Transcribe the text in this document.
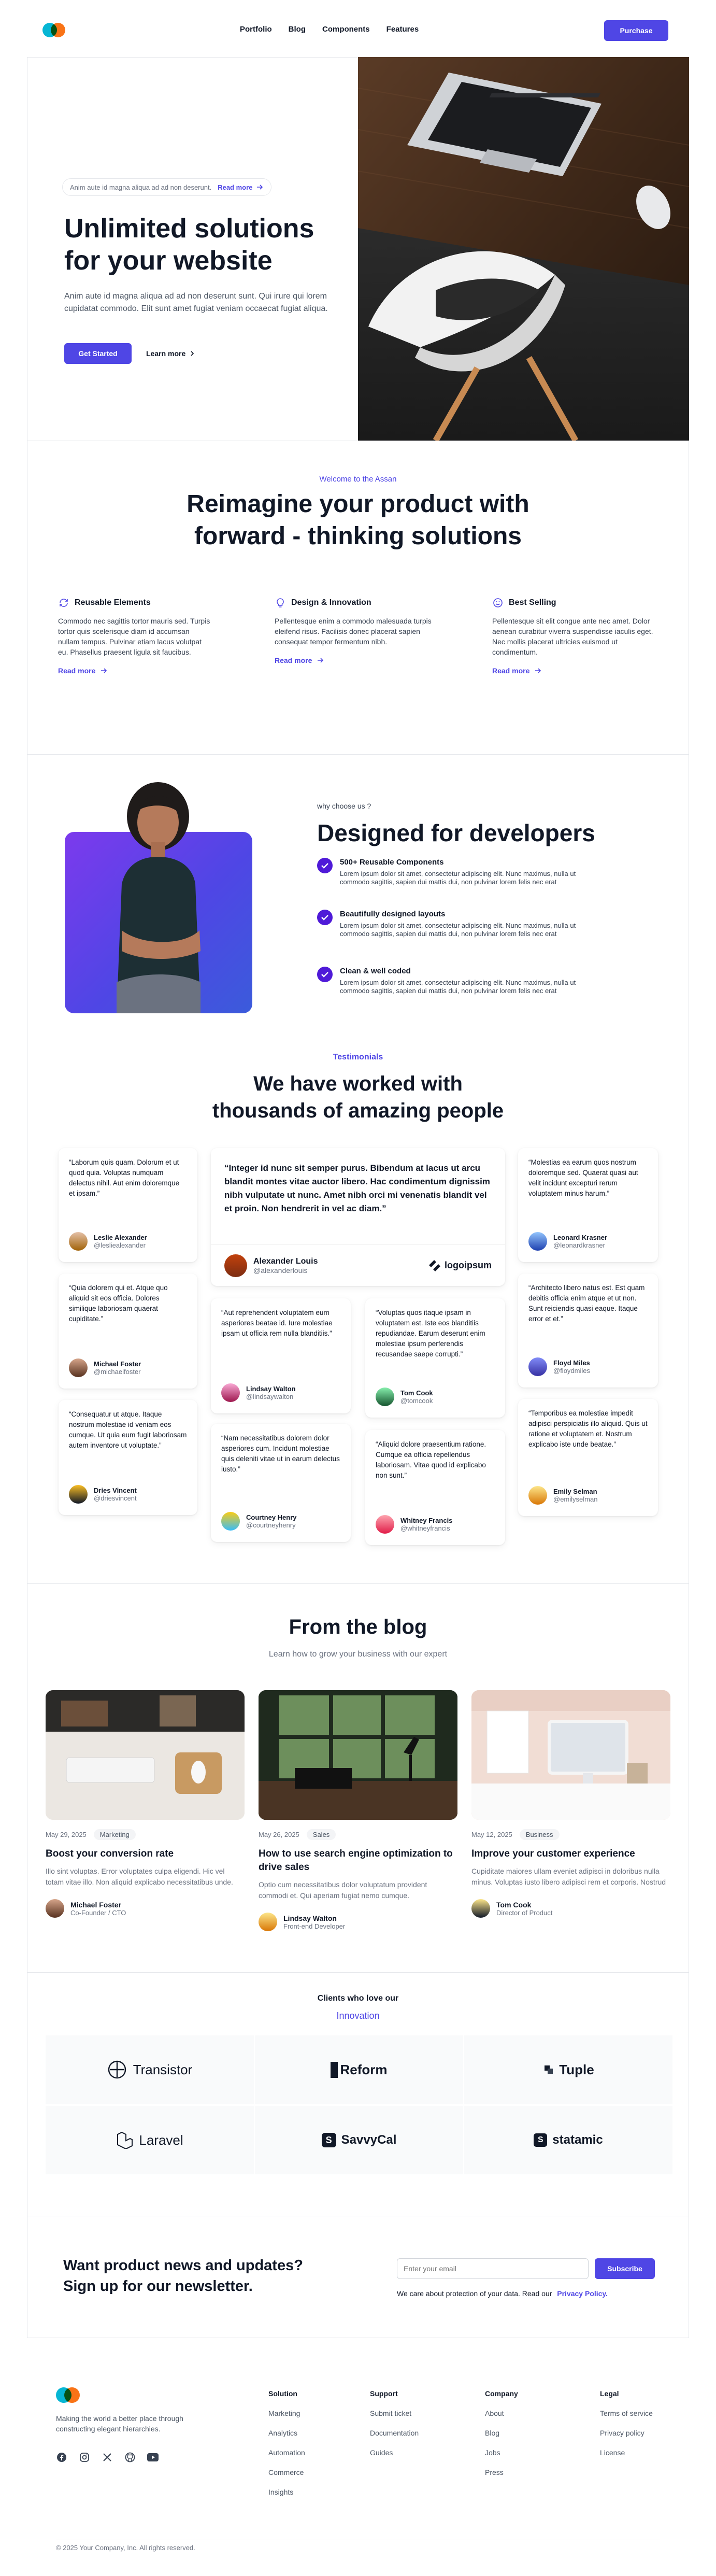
Portfolio Blog Components Features	Purchase
Anim aute id magna aliqua ad ad non deserunt. Read more
Unlimited solutions
for your website
Anim aute id magna aliqua ad ad non deserunt sunt. Qui irure qui lorem cupidatat commodo. Elit sunt amet fugiat veniam occaecat fugiat aliqua.
Get Started	Learn more
Welcome to the Assan
Reimagine your product with
forward - thinking solutions
Reusable Elements
Commodo nec sagittis tortor mauris sed. Turpis tortor quis scelerisque diam id accumsan nullam tempus. Pulvinar etiam lacus volutpat eu. Phasellus praesent ligula sit faucibus.
Read more
Design & Innovation
Pellentesque enim a commodo malesuada turpis eleifend risus. Facilisis donec placerat sapien consequat tempor fermentum nibh.
Read more
Best Selling
Pellentesque sit elit congue ante nec amet. Dolor aenean curabitur viverra suspendisse iaculis eget. Nec mollis placerat ultricies euismod ut condimentum.
Read more
why choose us ?
Designed for developers
500+ Reusable Components
Lorem ipsum dolor sit amet, consectetur adipiscing elit. Nunc maximus, nulla ut commodo sagittis, sapien dui mattis dui, non pulvinar lorem felis nec erat
Beautifully designed layouts
Lorem ipsum dolor sit amet, consectetur adipiscing elit. Nunc maximus, nulla ut commodo sagittis, sapien dui mattis dui, non pulvinar lorem felis nec erat
Clean & well coded
Lorem ipsum dolor sit amet, consectetur adipiscing elit. Nunc maximus, nulla ut commodo sagittis, sapien dui mattis dui, non pulvinar lorem felis nec erat
Testimonials
We have worked with
thousands of amazing people
“Integer id nunc sit semper purus. Bibendum at lacus ut arcu blandit montes vitae auctor libero. Hac condimentum dignissim nibh vulputate ut nunc. Amet nibh orci mi venenatis blandit vel et proin. Non hendrerit in vel ac diam.”
Alexander Louis
@alexanderlouis	logoipsum
“Laborum quis quam. Dolorum et ut quod quia. Voluptas numquam delectus nihil. Aut enim doloremque et ipsam.”
Leslie Alexander
@lesliealexander
“Quia dolorem qui et. Atque quo aliquid sit eos officia. Dolores similique laboriosam quaerat cupiditate.”
Michael Foster
@michaelfoster
“Consequatur ut atque. Itaque nostrum molestiae id veniam eos cumque. Ut quia eum fugit laboriosam autem inventore ut voluptate.”
Dries Vincent
@driesvincent
“Aut reprehenderit voluptatem eum asperiores beatae id. Iure molestiae ipsam ut officia rem nulla blanditiis.”
Lindsay Walton
@lindsaywalton
“Nam necessitatibus dolorem dolor asperiores cum. Incidunt molestiae quis deleniti vitae ut in earum delectus iusto.”
Courtney Henry
@courtneyhenry
“Voluptas quos itaque ipsam in voluptatem est. Iste eos blanditiis repudiandae. Earum deserunt enim molestiae ipsum perferendis recusandae saepe corrupti.”
Tom Cook
@tomcook
“Aliquid dolore praesentium ratione. Cumque ea officia repellendus laboriosam. Vitae quod id explicabo non sunt.”
Whitney Francis
@whitneyfrancis
“Molestias ea earum quos nostrum doloremque sed. Quaerat quasi aut velit incidunt excepturi rerum voluptatem minus harum.”
Leonard Krasner
@leonardkrasner
“Architecto libero natus est. Est quam debitis officia enim atque et ut non. Sunt reiciendis quasi eaque. Itaque error et et.”
Floyd Miles
@floydmiles
“Temporibus ea molestiae impedit adipisci perspiciatis illo aliquid. Quis ut ratione et voluptatem et. Nostrum explicabo iste unde beatae.”
Emily Selman
@emilyselman
From the blog
Learn how to grow your business with our expert
May 29, 2025	Marketing
Boost your conversion rate
Illo sint voluptas. Error voluptates culpa eligendi. Hic vel totam vitae illo. Non aliquid explicabo necessitatibus unde.
Michael Foster
Co-Founder / CTO
May 26, 2025	Sales
How to use search engine optimization to drive sales
Optio cum necessitatibus dolor voluptatum provident commodi et. Qui aperiam fugiat nemo cumque.
Lindsay Walton
Front-end Developer
May 12, 2025	Business
Improve your customer experience
Cupiditate maiores ullam eveniet adipisci in doloribus nulla minus. Voluptas iusto libero adipisci rem et corporis. Nostrud
Tom Cook
Director of Product
Clients who love our
Innovation
Transistor	Reform	Tuple
Laravel	S SavvyCal	S statamic
Want product news and updates?
Sign up for our newsletter.
Enter your email
Subscribe
We care about protection of your data. Read our Privacy Policy.
Making the world a better place through constructing elegant hierarchies.
Solution
Marketing
Analytics
Automation
Commerce
Insights
Support
Submit ticket
Documentation
Guides
Company
About
Blog
Jobs
Press
Legal
Terms of service
Privacy policy
License
© 2025 Your Company, Inc. All rights reserved.
